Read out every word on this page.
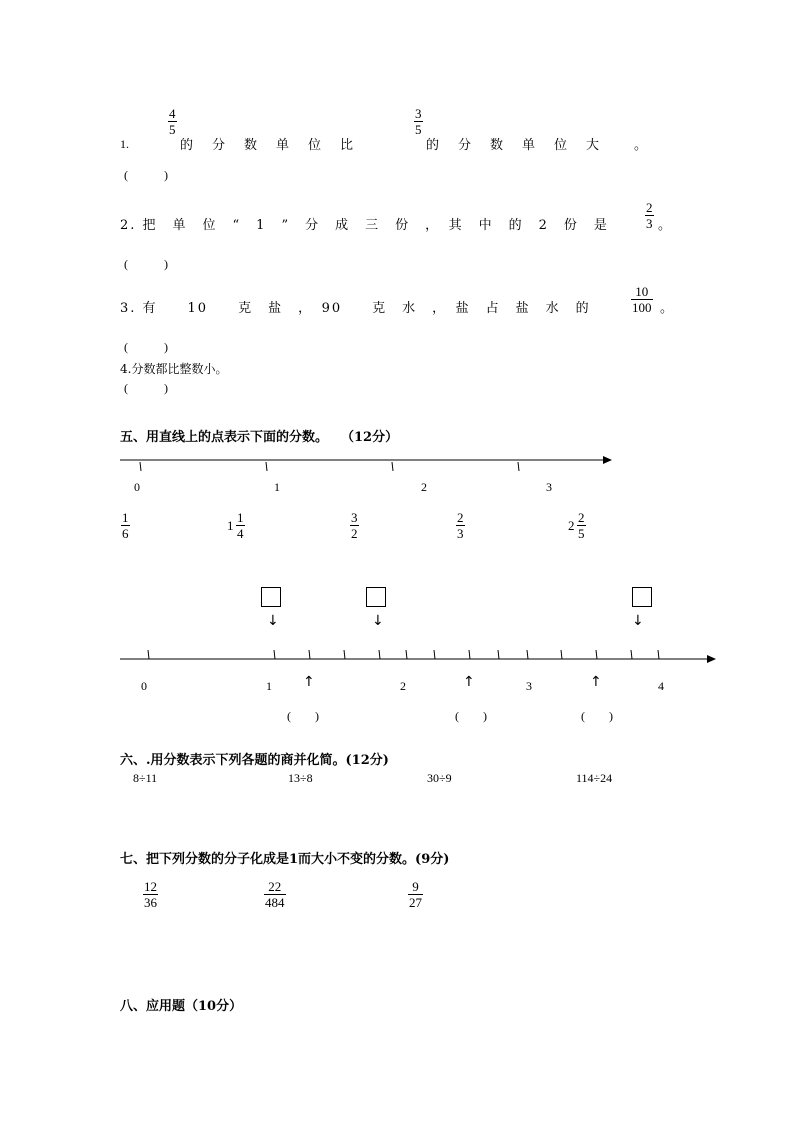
1.
$\frac{4}{5}$
的　分　数　单　位　比
$\frac{3}{5}$
的　分　数　单　位　大　　。
(　　　)
2. 把　单　位　“　1　”　分　成　三　份　，　其　中　的　2　份　是	$\frac{2}{3}$ 。
(　　　)
3. 有　　10　　克　盐　，　90　　克　水　，　盐　占　盐　水　的	$\frac{10}{100}$ 。
(　　　)
4.分数都比整数小。
(　　　)
五、用直线上的点表示下面的分数。　　（12分）
0	1	2	3
$\frac{1}{6}$	$1 \frac{1}{4}$	$\frac{3}{2}$	$\frac{2}{3}$	$2 \frac{2}{5}$
↓	↓	↓
0	1	2	3	4
↑	↑	↑
(　　)	(　　)	(　　)
六、.用分数表示下列各题的商并化简。(12分)
8÷11	13÷8	30÷9	114÷24
七、把下列分数的分子化成是1而大小不变的分数。(9分)
$\frac{12}{36}$	$\frac{22}{484}$	$\frac{9}{27}$
八、应用题（10分）
